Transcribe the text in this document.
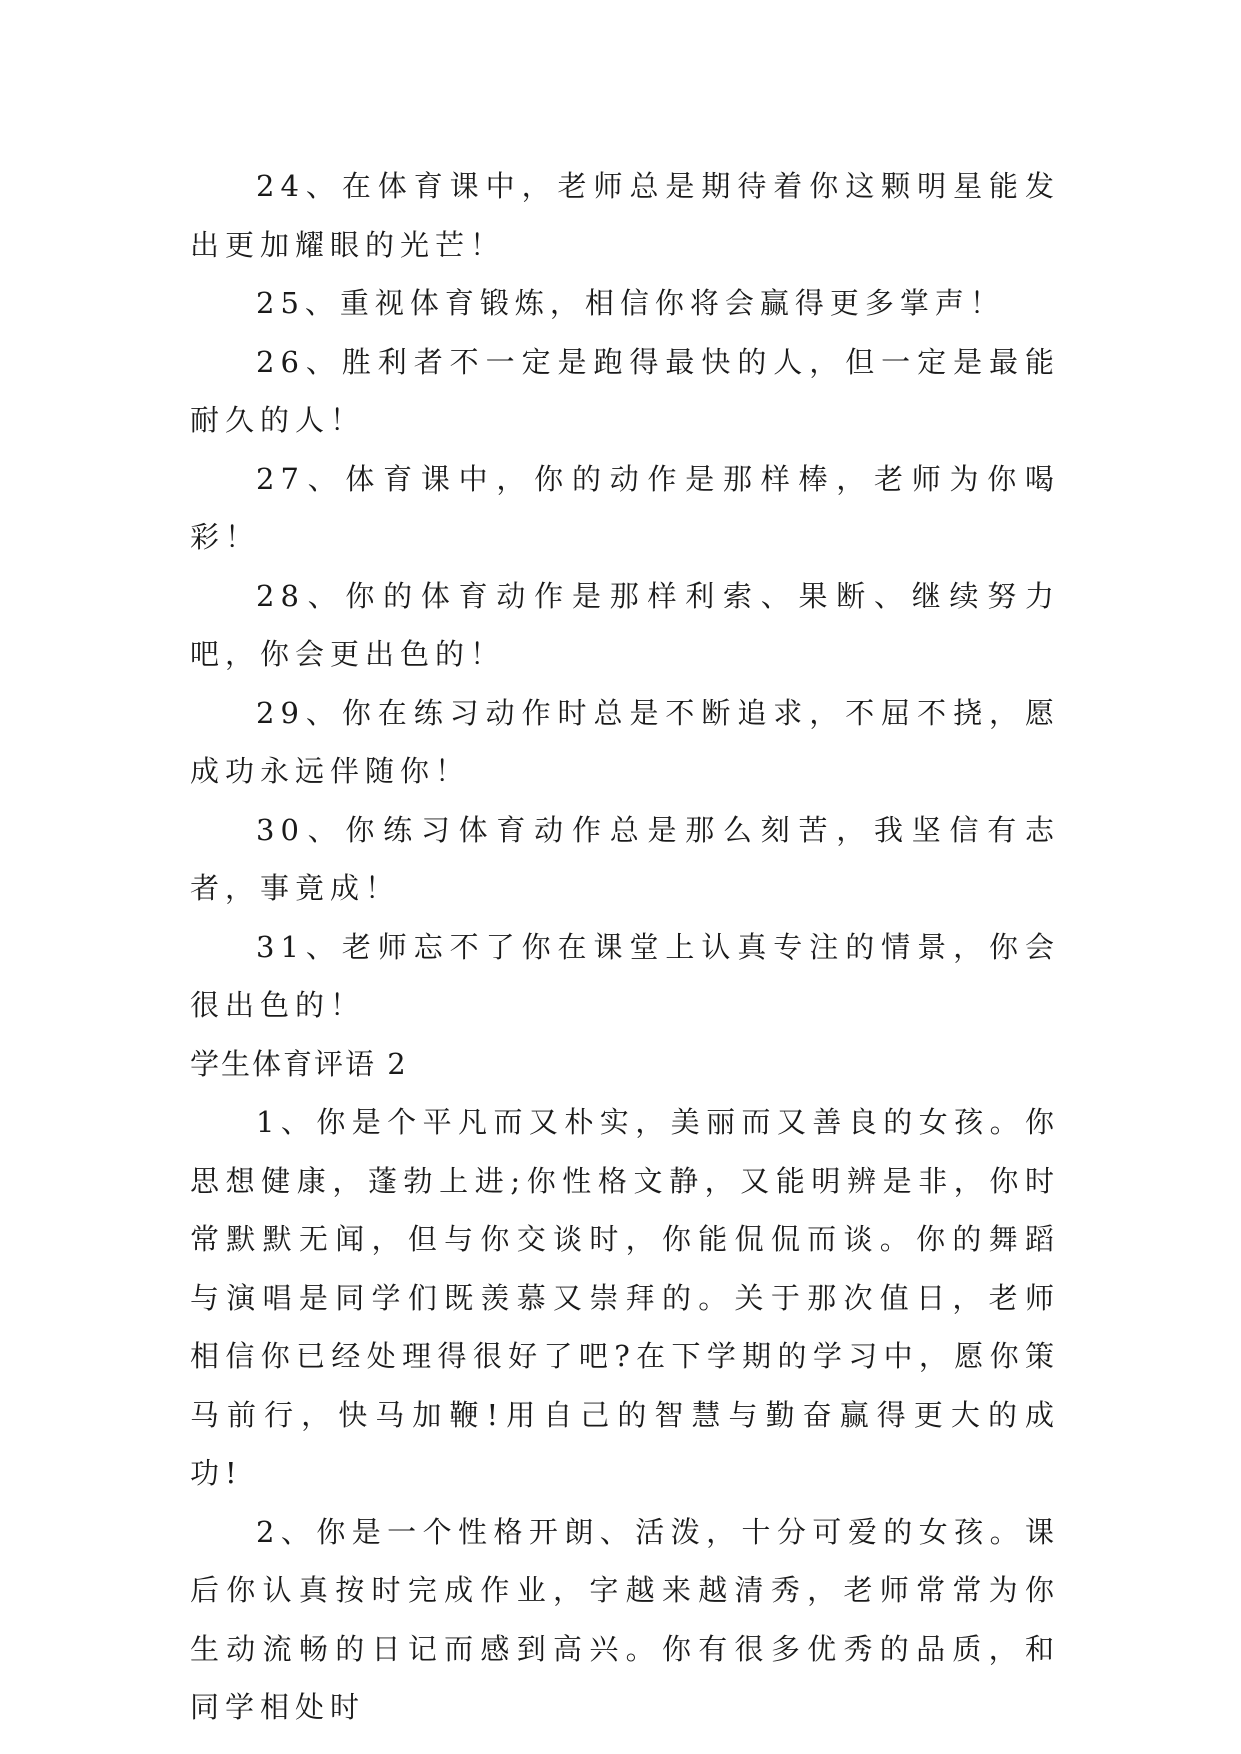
24、在体育课中，老师总是期待着你这颗明星能发出更加耀眼的光芒！

25、重视体育锻炼，相信你将会赢得更多掌声！

26、胜利者不一定是跑得最快的人，但一定是最能耐久的人！

27、体育课中，你的动作是那样棒，老师为你喝彩！

28、你的体育动作是那样利索、果断、继续努力吧，你会更出色的！

29、你在练习动作时总是不断追求，不屈不挠，愿成功永远伴随你！

30、你练习体育动作总是那么刻苦，我坚信有志者，事竟成！

31、老师忘不了你在课堂上认真专注的情景，你会很出色的！

学生体育评语 2

1、你是个平凡而又朴实，美丽而又善良的女孩。你思想健康，蓬勃上进;你性格文静，又能明辨是非，你时常默默无闻，但与你交谈时，你能侃侃而谈。你的舞蹈与演唱是同学们既羡慕又崇拜的。关于那次值日，老师相信你已经处理得很好了吧?在下学期的学习中，愿你策马前行，快马加鞭!用自己的智慧与勤奋赢得更大的成功!

2、你是一个性格开朗、活泼，十分可爱的女孩。课后你认真按时完成作业，字越来越清秀，老师常常为你生动流畅的日记而感到高兴。你有很多优秀的品质，和同学相处时
